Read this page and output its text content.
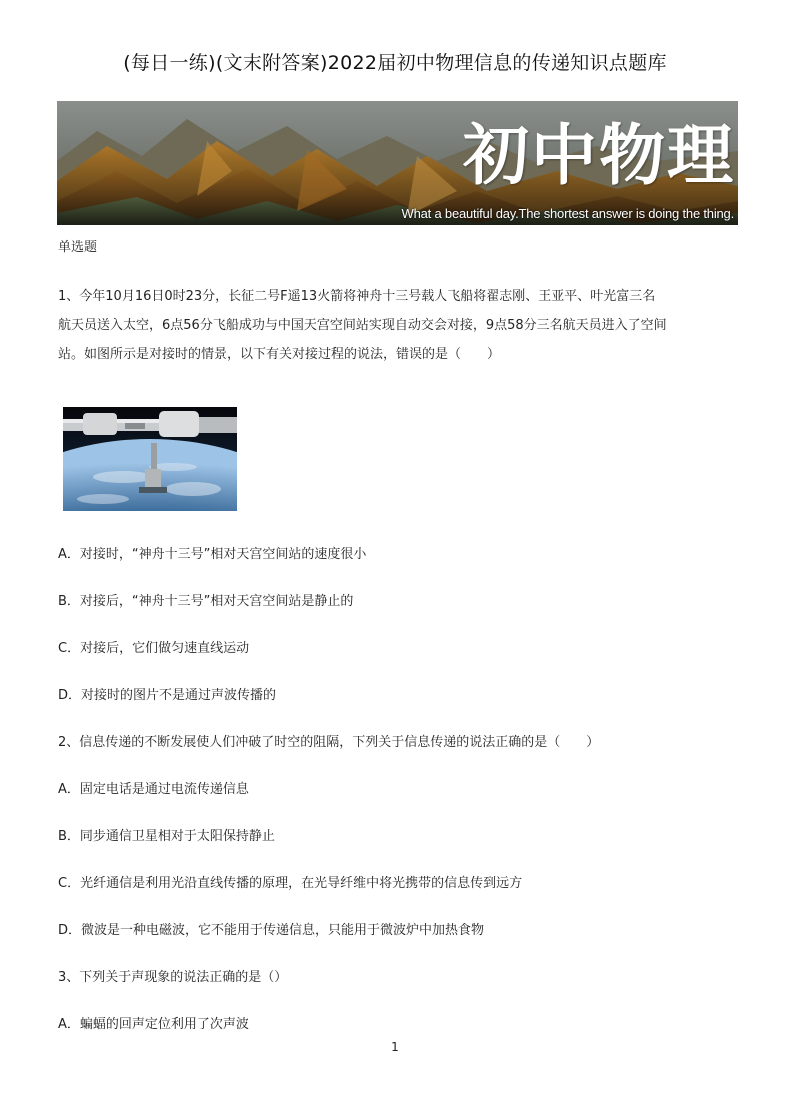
(每日一练)(文末附答案)2022届初中物理信息的传递知识点题库
初中物理
What a beautiful day.The shortest answer is doing the thing.
单选题

1、今年10月16日0时23分，长征二号F遥13火箭将神舟十三号载人飞船将翟志刚、王亚平、叶光富三名

航天员送入太空，6点56分飞船成功与中国天宫空间站实现自动交会对接，9点58分三名航天员进入了空间

站。如图所示是对接时的情景，以下有关对接过程的说法，错误的是（　　）

A．对接时，“神舟十三号”相对天宫空间站的速度很小
B．对接后，“神舟十三号”相对天宫空间站是静止的
C．对接后，它们做匀速直线运动
D．对接时的图片不是通过声波传播的
2、信息传递的不断发展使人们冲破了时空的阻隔，下列关于信息传递的说法正确的是（　　）
A．固定电话是通过电流传递信息
B．同步通信卫星相对于太阳保持静止
C．光纤通信是利用光沿直线传播的原理，在光导纤维中将光携带的信息传到远方
D．微波是一种电磁波，它不能用于传递信息，只能用于微波炉中加热食物
3、下列关于声现象的说法正确的是（）
A．蝙蝠的回声定位利用了次声波
1
